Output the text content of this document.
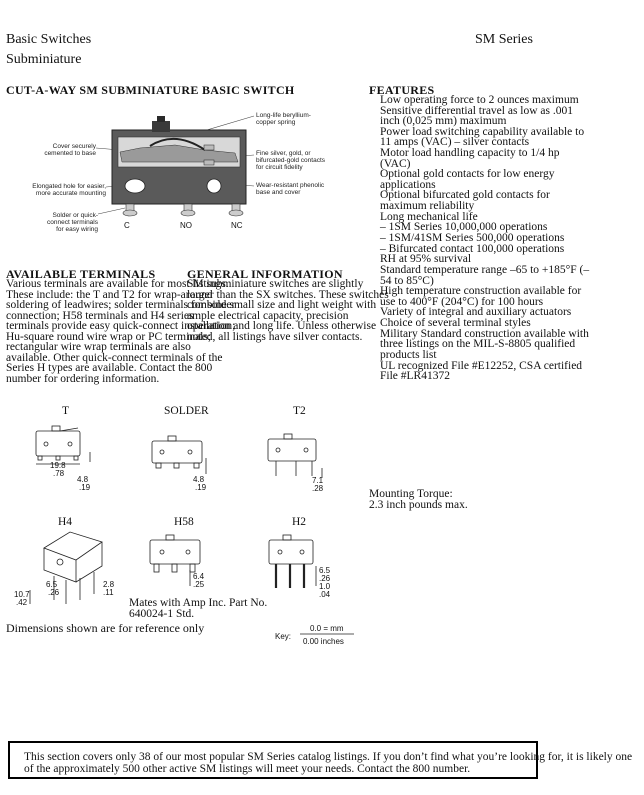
Basic Switches
Subminiature
SM Series
CUT-A-WAY SM SUBMINIATURE BASIC SWITCH
Cover securely cemented to base
Elongated hole for easier, more accurate mounting
Solder or quick-connect terminals for easy wiring
Long-life beryllium-copper spring
Fine silver, gold, or bifurcated-gold contacts for circuit fidelity
Wear-resistant phenolic base and cover
C	NO	NC
FEATURES
Low operating force to 2 ounces maximum
Sensitive differential travel as low as .001 inch (0,025 mm) maximum
Power load switching capability available to 11 amps (VAC) – silver contacts
Motor load handling capacity to 1/4 hp (VAC)
Optional gold contacts for low energy applications
Optional bifurcated gold contacts for maximum reliability
Long mechanical life
– 1SM Series 10,000,000 operations
– 1SM/41SM Series 500,000 operations
– Bifurcated contact 100,000 operations
RH at 95% survival
Standard temperature range –65 to +185°F (–54 to 85°C)
High temperature construction available for use to 400°F (204°C) for 100 hours
Variety of integral and auxiliary actuators
Choice of several terminal styles
Military Standard construction available with three listings on the MIL-S-8805 qualified products list
UL recognized File #E12252, CSA certified File #LR41372
AVAILABLE TERMINALS
Various terminals are available for most listings. These include: the T and T2 for wrap-around soldering of leadwires; solder terminals for solder connection; H58 terminals and H4 series terminals provide easy quick-connect installation; Hu-square round wire wrap or PC terminals; rectangular wire wrap terminals are also available. Other quick-connect terminals of the Series H types are available. Contact the 800 number for ordering information.
GENERAL INFORMATION
SM subminiature switches are slightly larger than the SX switches. These switches combine small size and light weight with ample electrical capacity, precision operation and long life. Unless otherwise noted, all listings have silver contacts.
T	SOLDER	T2
H4	H58	H2
19.8
.78
4.8
.19
4.8
.19
7.1
.28
10.7
.42
6.5
.26
2.8
.11
6.4
.25
6.5
.26
1.0
.04
Mates with Amp Inc. Part No. 640024-1 Std.
Dimensions shown are for reference only
Key:
0.0 = mm
0.00 inches
Mounting Torque:
2.3 inch pounds max.
This section covers only 38 of our most popular SM Series catalog listings. If you don’t find what you’re looking for, it is likely one of the approximately 500 other active SM listings will meet your needs. Contact the 800 number.
